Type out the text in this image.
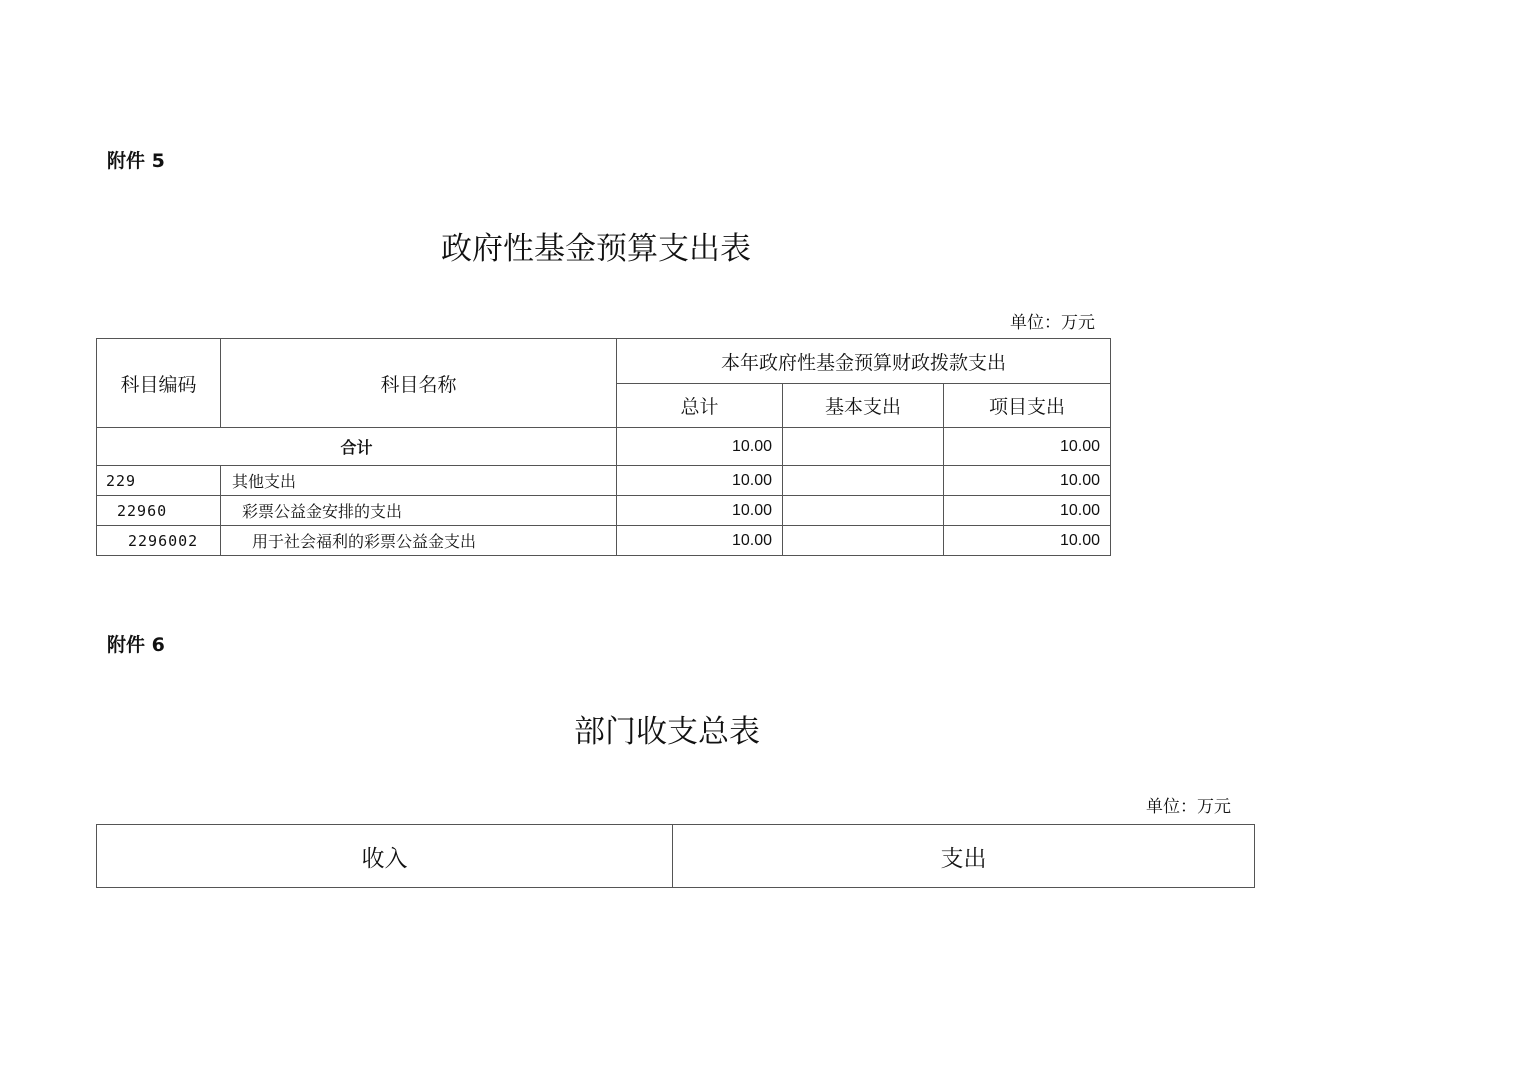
附件 5
政府性基金预算支出表
单位：万元
科目编码	科目名称	本年政府性基金预算财政拨款支出		
		总计	基本支出	项目支出
合计		10.00		10.00
229	其他支出	10.00		10.00
22960	彩票公益金安排的支出	10.00		10.00
2296002	用于社会福利的彩票公益金支出	10.00		10.00
附件 6
部门收支总表
单位：万元
收入	支出
